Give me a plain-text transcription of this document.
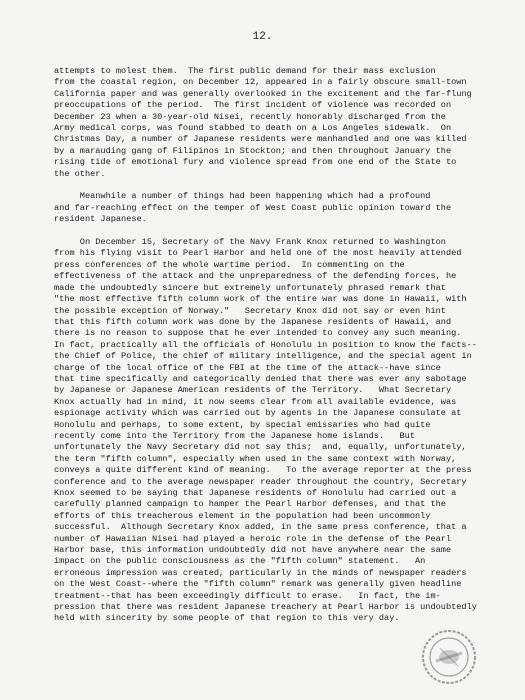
12.
attempts to molest them.  The first public demand for their mass exclusion
from the coastal region, on December 12, appeared in a fairly obscure small-town
California paper and was generally overlooked in the excitement and the far-flung
preoccupations of the period.  The first incident of violence was recorded on
December 23 when a 30-year-old Nisei, recently honorably discharged from the
Army medical corps, was found stabbed to death on a Los Angeles sidewalk.  On
Christmas Day, a number of Japanese residents were manhandled and one was killed
by a marauding gang of Filipinos in Stockton; and then throughout January the
rising tide of emotional fury and violence spread from one end of the State to
the other.
Meanwhile a number of things had been happening which had a profound
and far-reaching effect on the temper of West Coast public opinion toward the
resident Japanese.
On December 15, Secretary of the Navy Frank Knox returned to Washington
from his flying visit to Pearl Harbor and held one of the most heavily attended
press conferences of the whole wartime period.  In commenting on the
effectiveness of the attack and the unpreparedness of the defending forces, he
made the undoubtedly sincere but extremely unfortunately phrased remark that
"the most effective fifth column work of the entire war was done in Hawaii, with
the possible exception of Norway."   Secretary Knox did not say or even hint
that this fifth column work was done by the Japanese residents of Hawaii, and
there is no reason to suppose that he ever intended to convey any such meaning.
In fact, practically all the officials of Honolulu in position to know the facts--
the Chief of Police, the chief of military intelligence, and the special agent in
charge of the local office of the FBI at the time of the attack--have since
that time specifically and categorically denied that there was ever any sabotage
by Japanese or Japanese American residents of the Territory.   What Secretary
Knox actually had in mind, it now seems clear from all available evidence, was
espionage activity which was carried out by agents in the Japanese consulate at
Honolulu and perhaps, to some extent, by special emissaries who had quite
recently come into the Territory from the Japanese home islands.   But
unfortunately the Navy Secretary did not say this;  and, equally, unfortunately,
the term "fifth column", especially when used in the same context with Norway,
conveys a quite different kind of meaning.   To the average reporter at the press
conference and to the average newspaper reader throughout the country, Secretary
Knox seemed to be saying that Japanese residents of Honolulu had carried out a
carefully planned campaign to hamper the Pearl Harbor defenses, and that the
efforts of this treacherous element in the population had been uncommonly
successful.  Although Secretary Knox added, in the same press conference, that a
number of Hawaiian Nisei had played a heroic role in the defense of the Pearl
Harbor base, this information undoubtedly did not have anywhere near the same
impact on the public consciousness as the "fifth column" statement.   An
erroneous impression was created, particularly in the minds of newspaper readers
on the West Coast--where the "fifth column" remark was generally given headline
treatment--that has been exceedingly difficult to erase.   In fact, the im-
pression that there was resident Japanese treachery at Pearl Harbor is undoubtedly
held with sincerity by some people of that region to this very day.
